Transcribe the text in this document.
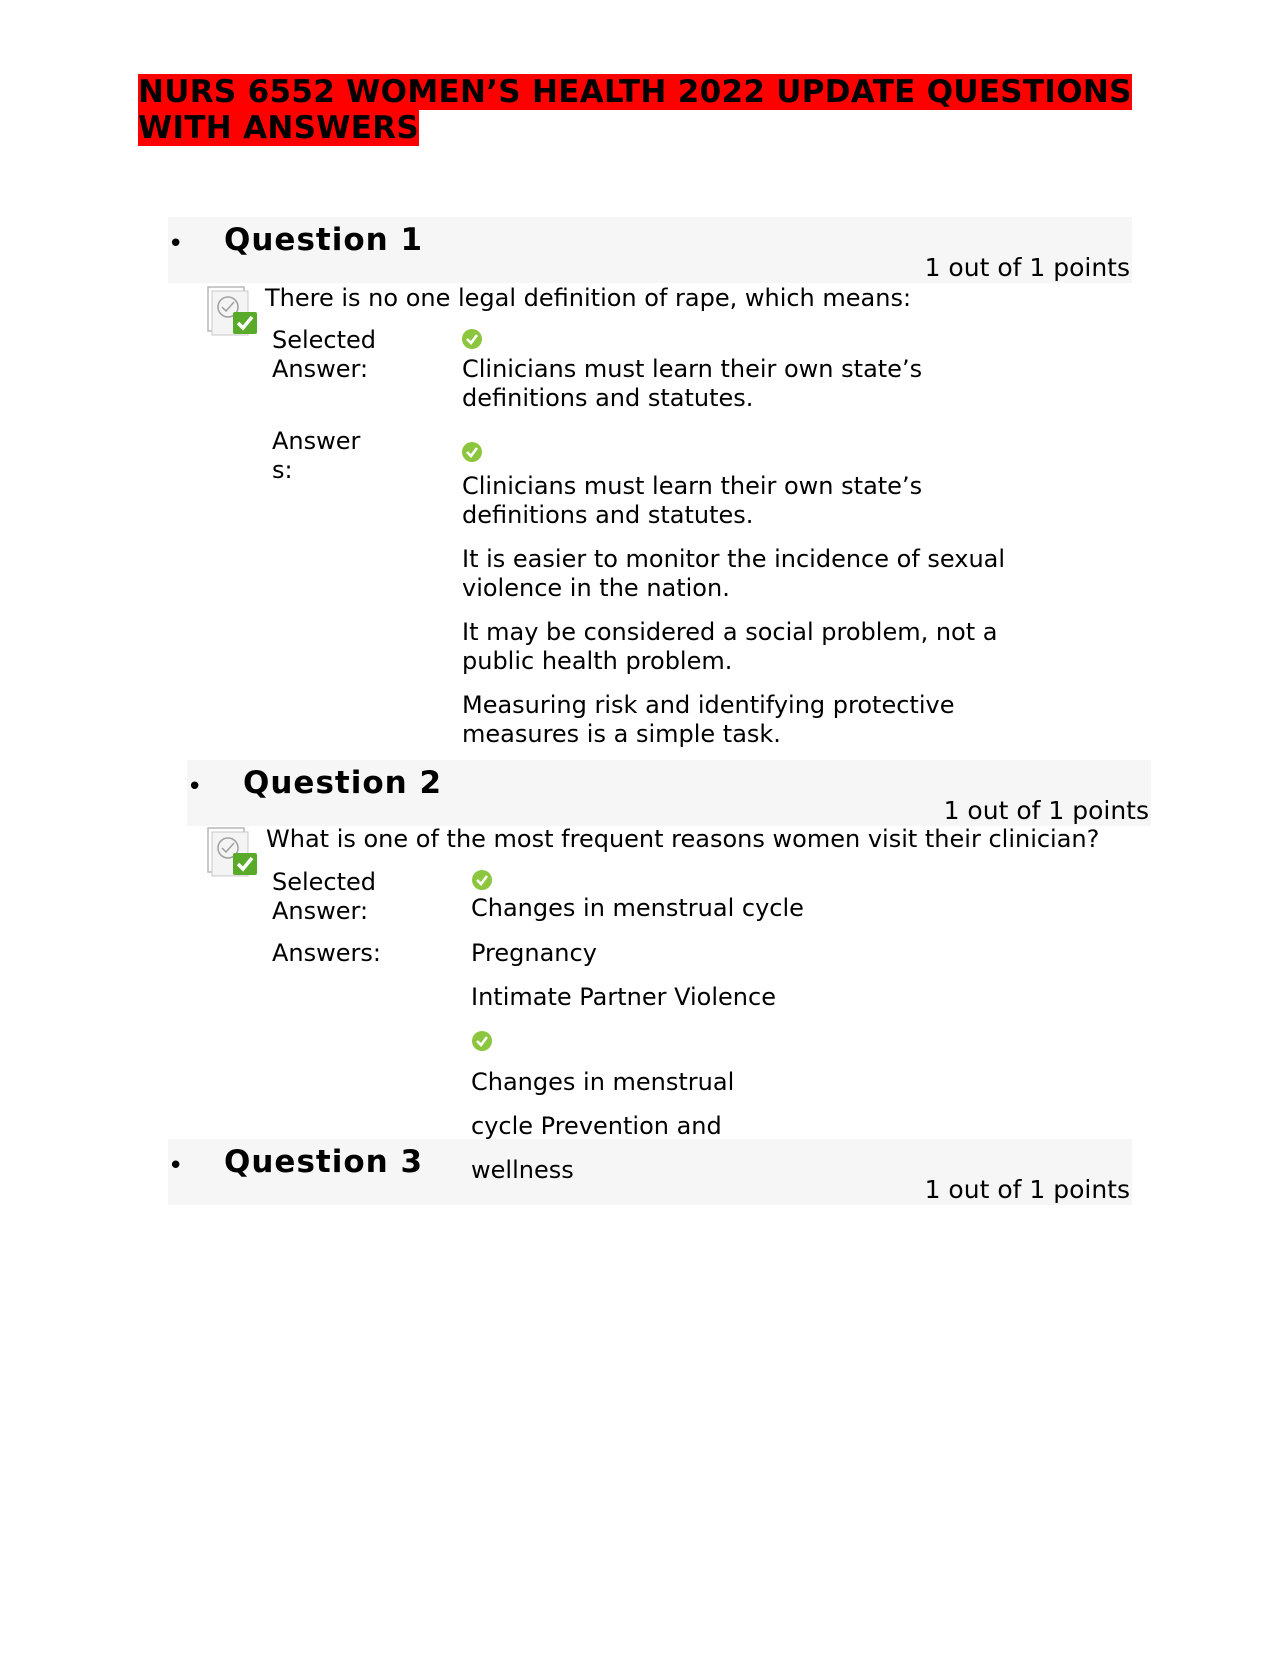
NURS 6552 WOMEN’S HEALTH 2022 UPDATE QUESTIONS
WITH ANSWERS
• Question 1
1 out of 1 points
There is no one legal definition of rape, which means:
Selected
Answer:	Clinicians must learn their own state’s
definitions and statutes.
Answer
s:
Clinicians must learn their own state’s
definitions and statutes.
It is easier to monitor the incidence of sexual
violence in the nation.
It may be considered a social problem, not a
public health problem.
Measuring risk and identifying protective
measures is a simple task.
• Question 2
1 out of 1 points
What is one of the most frequent reasons women visit their clinician?
Selected
Answer:	Changes in menstrual cycle
Answers:	Pregnancy
Intimate Partner Violence
• Question 3
1 out of 1 points
Changes in menstrual
cycle Prevention and
wellness
